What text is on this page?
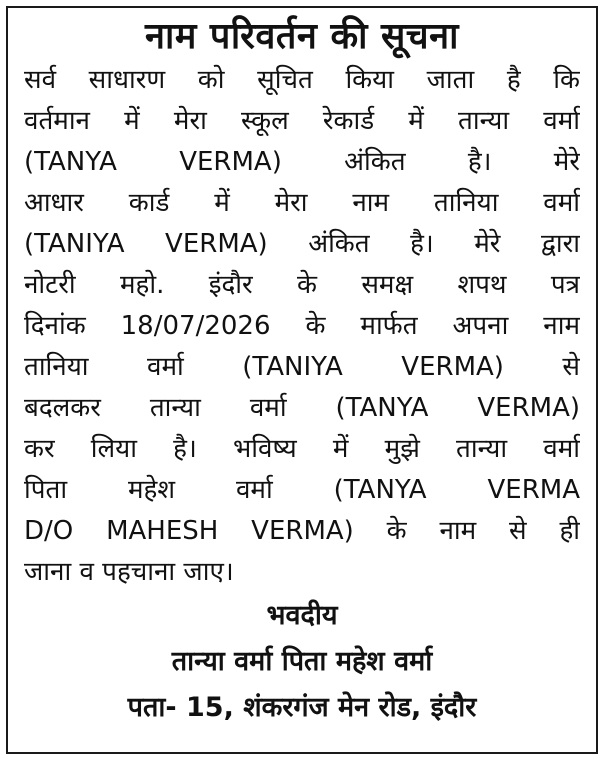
नाम परिवर्तन की सूचना
सर्व साधारण को सूचित किया जाता है कि
वर्तमान में मेरा स्कूल रेकार्ड में तान्या वर्मा
(TANYA VERMA) अंकित है। मेरे
आधार कार्ड में मेरा नाम तानिया वर्मा
(TANIYA VERMA) अंकित है। मेरे द्वारा
नोटरी महो. इंदौर के समक्ष शपथ पत्र
दिनांक 18/07/2026 के मार्फत अपना नाम
तानिया वर्मा (TANIYA VERMA) से
बदलकर तान्या वर्मा (TANYA VERMA)
कर लिया है। भविष्य में मुझे तान्या वर्मा
पिता महेश वर्मा (TANYA VERMA
D/O MAHESH VERMA) के नाम से ही
जाना व पहचाना जाए।
भवदीय
तान्या वर्मा पिता महेश वर्मा
पता- 15, शंकरगंज मेन रोड, इंदौर
